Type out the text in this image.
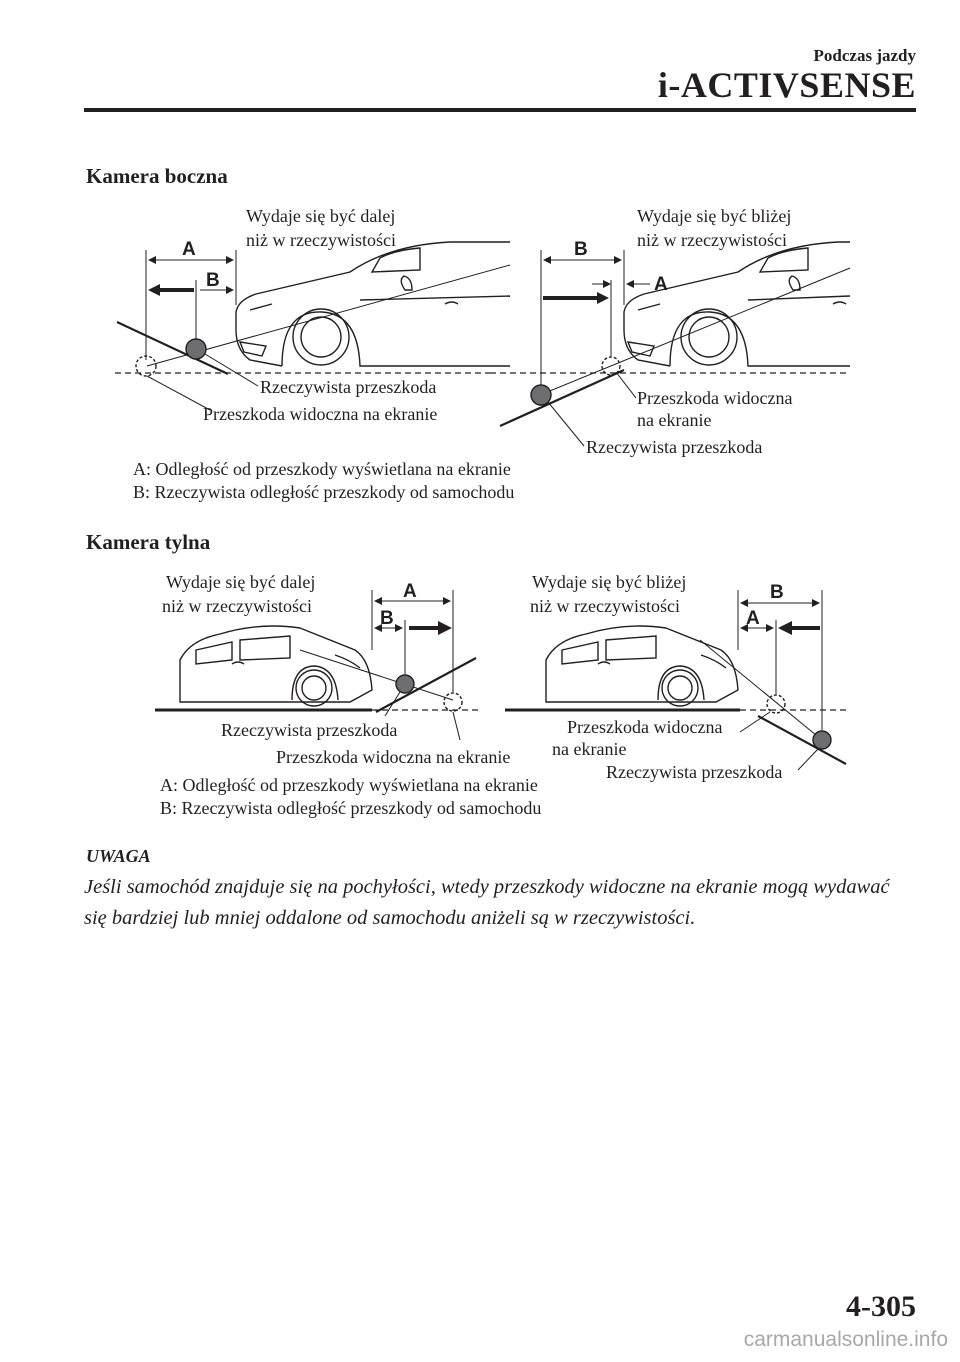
Podczas jazdy
i-ACTIVSENSE
Kamera boczna
A
B
Wydaje się być dalej
niż w rzeczywistości
Rzeczywista przeszkoda
Przeszkoda widoczna na ekranie
B
A
Wydaje się być bliżej
niż w rzeczywistości
Przeszkoda widoczna
na ekranie
Rzeczywista przeszkoda
A: Odległość od przeszkody wyświetlana na ekranie
B: Rzeczywista odległość przeszkody od samochodu
Kamera tylna
A
B
Wydaje się być dalej
niż w rzeczywistości
Rzeczywista przeszkoda
Przeszkoda widoczna na ekranie
B
A
Wydaje się być bliżej
niż w rzeczywistości
Przeszkoda widoczna
na ekranie
Rzeczywista przeszkoda
A: Odległość od przeszkody wyświetlana na ekranie
B: Rzeczywista odległość przeszkody od samochodu
UWAGA
Jeśli samochód znajduje się na pochyłości, wtedy przeszkody widoczne na ekranie mogą wydawać się bardziej lub mniej oddalone od samochodu aniżeli są w rzeczywistości.
4-305
carmanualsonline.info
